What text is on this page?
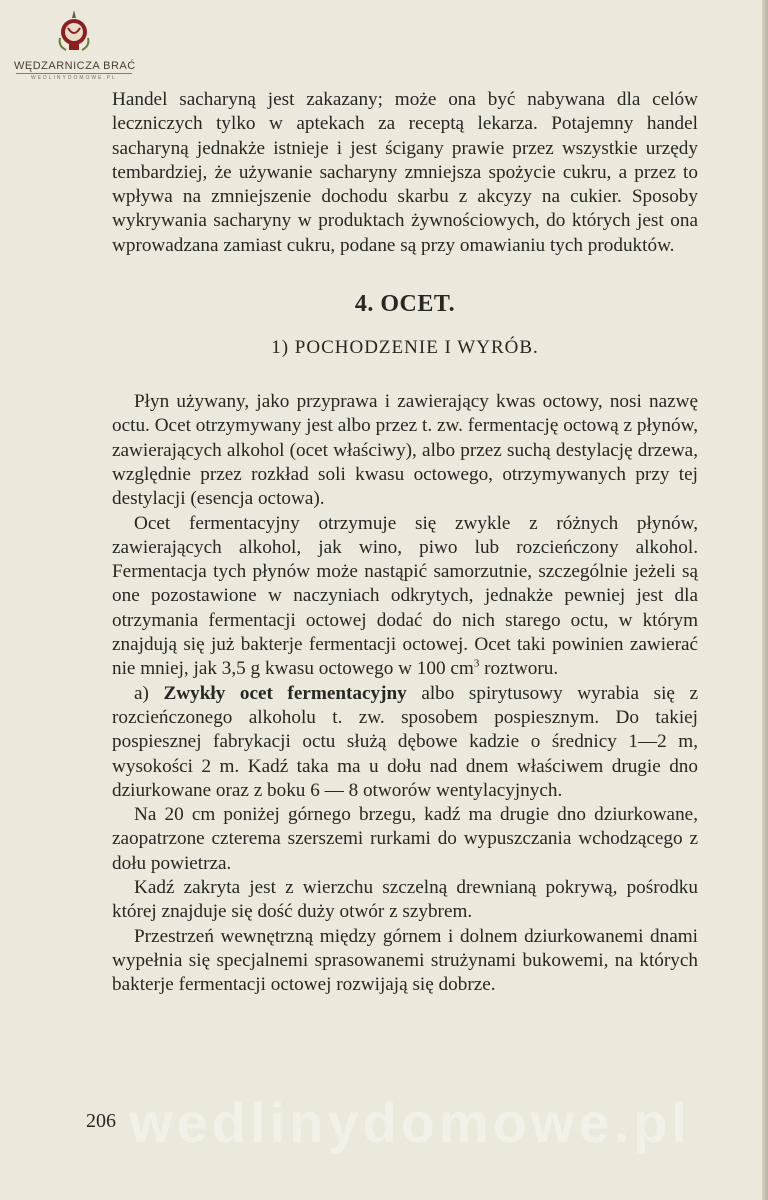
WĘDZARNICZA BRAĆ
WEDLINYDOMOWE.PL

Handel sacharyną jest zakazany; może ona być nabywana dla celów leczniczych tylko w aptekach za receptą lekarza. Potajemny handel sacharyną jednakże istnieje i jest ścigany prawie przez wszystkie urzędy tembardziej, że używanie sacharyny zmniejsza spożycie cukru, a przez to wpływa na zmniejszenie dochodu skarbu z akcyzy na cukier. Sposoby wykrywania sacharyny w produktach żywnościowych, do których jest ona wprowadzana zamiast cukru, podane są przy omawianiu tych produktów.

4. OCET.
1) POCHODZENIE I WYRÓB.

Płyn używany, jako przyprawa i zawierający kwas octowy, nosi nazwę octu. Ocet otrzymywany jest albo przez t. zw. fermentację octową z płynów, zawierających alkohol (ocet właściwy), albo przez suchą destylację drzewa, względnie przez rozkład soli kwasu octowego, otrzymywanych przy tej destylacji (esencja octowa).

Ocet fermentacyjny otrzymuje się zwykle z różnych płynów, zawierających alkohol, jak wino, piwo lub rozcieńczony alkohol. Fermentacja tych płynów może nastąpić samorzutnie, szczególnie jeżeli są one pozostawione w naczyniach odkrytych, jednakże pewniej jest dla otrzymania fermentacji octowej dodać do nich starego octu, w którym znajdują się już bakterje fermentacji octowej. Ocet taki powinien zawierać nie mniej, jak 3,5 g kwasu octowego w 100 $cm^3$ roztworu.

a) Zwykły ocet fermentacyjny albo spirytusowy wyrabia się z rozcieńczonego alkoholu t. zw. sposobem pospiesznym. Do takiej pospiesznej fabrykacji octu służą dębowe kadzie o średnicy 1—2 m, wysokości 2 m. Kadź taka ma u dołu nad dnem właściwem drugie dno dziurkowane oraz z boku 6 — 8 otworów wentylacyjnych.

Na 20 cm poniżej górnego brzegu, kadź ma drugie dno dziurkowane, zaopatrzone czterema szerszemi rurkami do wypuszczania wchodzącego z dołu powietrza.

Kadź zakryta jest z wierzchu szczelną drewnianą pokrywą, pośrodku której znajduje się dość duży otwór z szybrem.

Przestrzeń wewnętrzną między górnem i dolnem dziurkowanemi dnami wypełnia się specjalnemi sprasowanemi strużynami bukowemi, na których bakterje fermentacji octowej rozwijają się dobrze.

wedlinydomowe.pl
206
